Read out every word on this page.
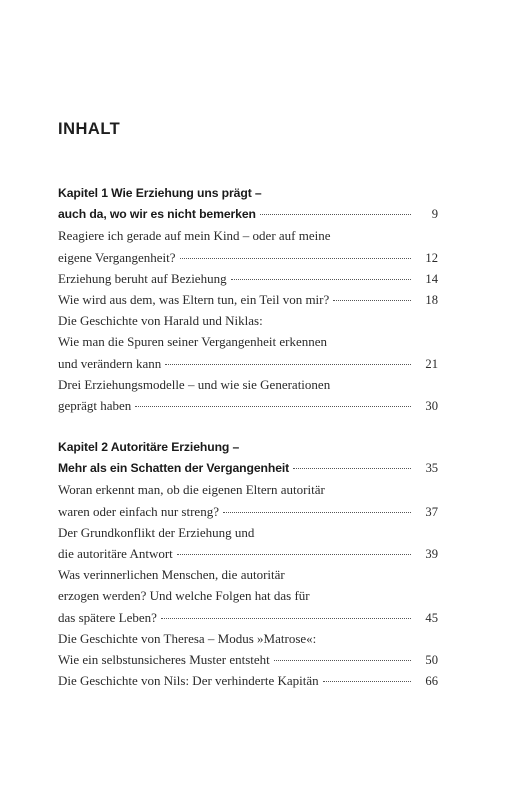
INHALT
Kapitel 1 Wie Erziehung uns prägt –
auch da, wo wir es nicht bemerken	9
Reagiere ich gerade auf mein Kind – oder auf meine
eigene Vergangenheit?	12
Erziehung beruht auf Beziehung	14
Wie wird aus dem, was Eltern tun, ein Teil von mir?	18
Die Geschichte von Harald und Niklas:
Wie man die Spuren seiner Vergangenheit erkennen
und verändern kann	21
Drei Erziehungsmodelle – und wie sie Generationen
geprägt haben	30
Kapitel 2 Autoritäre Erziehung –
Mehr als ein Schatten der Vergangenheit	35
Woran erkennt man, ob die eigenen Eltern autoritär
waren oder einfach nur streng?	37
Der Grundkonflikt der Erziehung und
die autoritäre Antwort	39
Was verinnerlichen Menschen, die autoritär
erzogen werden? Und welche Folgen hat das für
das spätere Leben?	45
Die Geschichte von Theresa – Modus »Matrose«:
Wie ein selbstunsicheres Muster entsteht	50
Die Geschichte von Nils: Der verhinderte Kapitän	66
